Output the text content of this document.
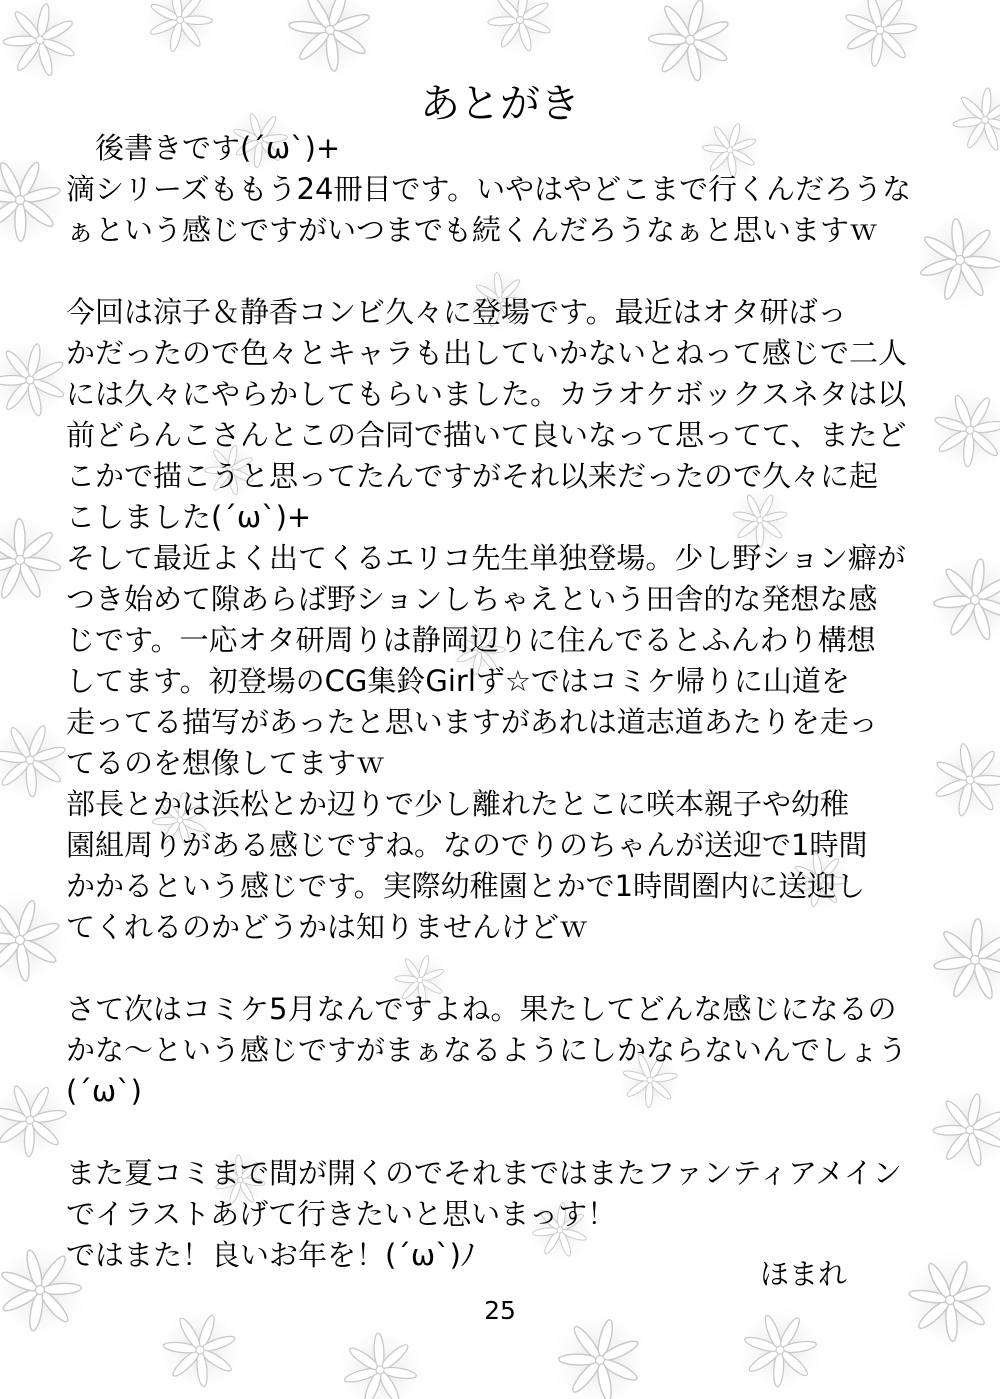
あとがき
　後書きです(´ω`)+
滴シリーズももう24冊目です。いやはやどこまで行くんだろうな
ぁという感じですがいつまでも続くんだろうなぁと思いますｗ
今回は涼子＆静香コンビ久々に登場です。最近はオタ研ばっ
かだったので色々とキャラも出していかないとねって感じで二人
には久々にやらかしてもらいました。カラオケボックスネタは以
前どらんこさんとこの合同で描いて良いなって思ってて、またど
こかで描こうと思ってたんですがそれ以来だったので久々に起
こしました(´ω`)+
そして最近よく出てくるエリコ先生単独登場。少し野ション癖が
つき始めて隙あらば野ションしちゃえという田舎的な発想な感
じです。一応オタ研周りは静岡辺りに住んでるとふんわり構想
してます。初登場のCG集鈴Girlず☆ではコミケ帰りに山道を
走ってる描写があったと思いますがあれは道志道あたりを走っ
てるのを想像してますｗ
部長とかは浜松とか辺りで少し離れたとこに咲本親子や幼稚
園組周りがある感じですね。なのでりのちゃんが送迎で1時間
かかるという感じです。実際幼稚園とかで1時間圏内に送迎し
てくれるのかどうかは知りませんけどｗ
さて次はコミケ5月なんですよね。果たしてどんな感じになるの
かな～という感じですがまぁなるようにしかならないんでしょう
(´ω`)
また夏コミまで間が開くのでそれまではまたファンティアメイン
でイラストあげて行きたいと思いまっす！
ではまた！良いお年を！(´ω`)ﾉ
ほまれ
25
